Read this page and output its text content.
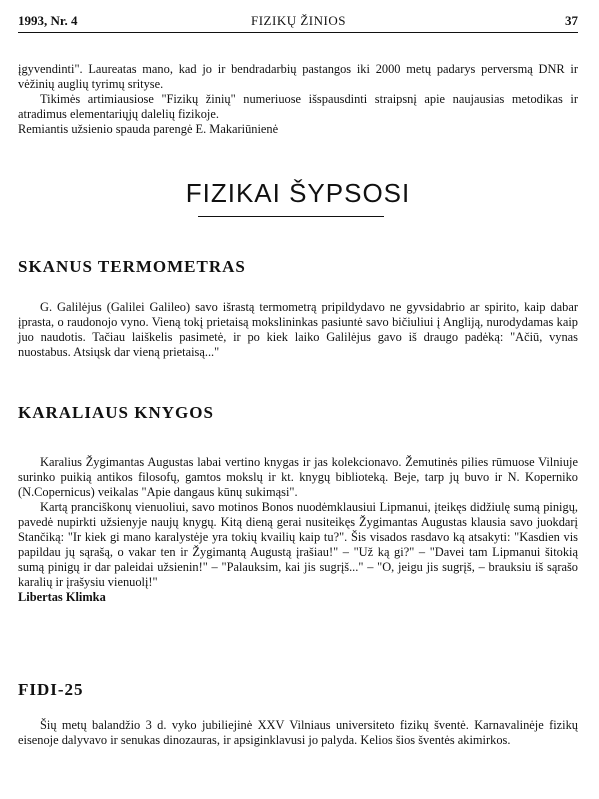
1993, Nr. 4	FIZIKŲ ŽINIOS	37

įgyvendinti". Laureatas mano, kad jo ir bendradarbių pastangos iki 2000 metų padarys perversmą DNR ir vėžinių auglių tyrimų srityse.

Tikimės artimiausiose "Fizikų žinių" numeriuose išspausdinti straipsnį apie naujausias metodikas ir atradimus elementariųjų dalelių fizikoje.

Remiantis užsienio spauda parengė E. Makariūnienė

FIZIKAI ŠYPSOSI
SKANUS TERMOMETRAS

G. Galilėjus (Galilei Galileo) savo išrastą termometrą pripildydavo ne gyvsidabrio ar spirito, kaip dabar įprasta, o raudonojo vyno. Vieną tokį prietaisą mokslininkas pasiuntė savo bičiuliui į Angliją, nurodydamas kaip juo naudotis. Tačiau laiškelis pasimetė, ir po kiek laiko Galilėjus gavo iš draugo padėką: "Ačiū, vynas nuostabus. Atsiųsk dar vieną prietaisą..."

KARALIAUS KNYGOS

Karalius Žygimantas Augustas labai vertino knygas ir jas kolekcionavo. Žemutinės pilies rūmuose Vilniuje surinko puikią antikos filosofų, gamtos mokslų ir kt. knygų biblioteką. Beje, tarp jų buvo ir N. Koperniko (N.Copernicus) veikalas "Apie dangaus kūnų sukimąsi".

Kartą pranciškonų vienuoliui, savo motinos Bonos nuodėmklausiui Lipmanui, įteikęs didžiulę sumą pinigų, pavedė nupirkti užsienyje naujų knygų. Kitą dieną gerai nusiteikęs Žygimantas Augustas klausia savo juokdarį Stančiką: "Ir kiek gi mano karalystėje yra tokių kvailių kaip tu?". Šis visados rasdavo ką atsakyti: "Kasdien vis papildau jų sąrašą, o vakar ten ir Žygimantą Augustą įrašiau!" – "Už ką gi?" – "Davei tam Lipmanui šitokią sumą pinigų ir dar paleidai užsienin!" – "Palauksim, kai jis sugrįš..." – "O, jeigu jis sugrįš, – brauksiu iš sąrašo karalių ir įrašysiu vienuolį!"

Libertas Klimka

FIDI-25

Šių metų balandžio 3 d. vyko jubiliejinė XXV Vilniaus universiteto fizikų šventė. Karnavalinėje fizikų eisenoje dalyvavo ir senukas dinozauras, ir apsiginklavusi jo palyda. Kelios šios šventės akimirkos.
